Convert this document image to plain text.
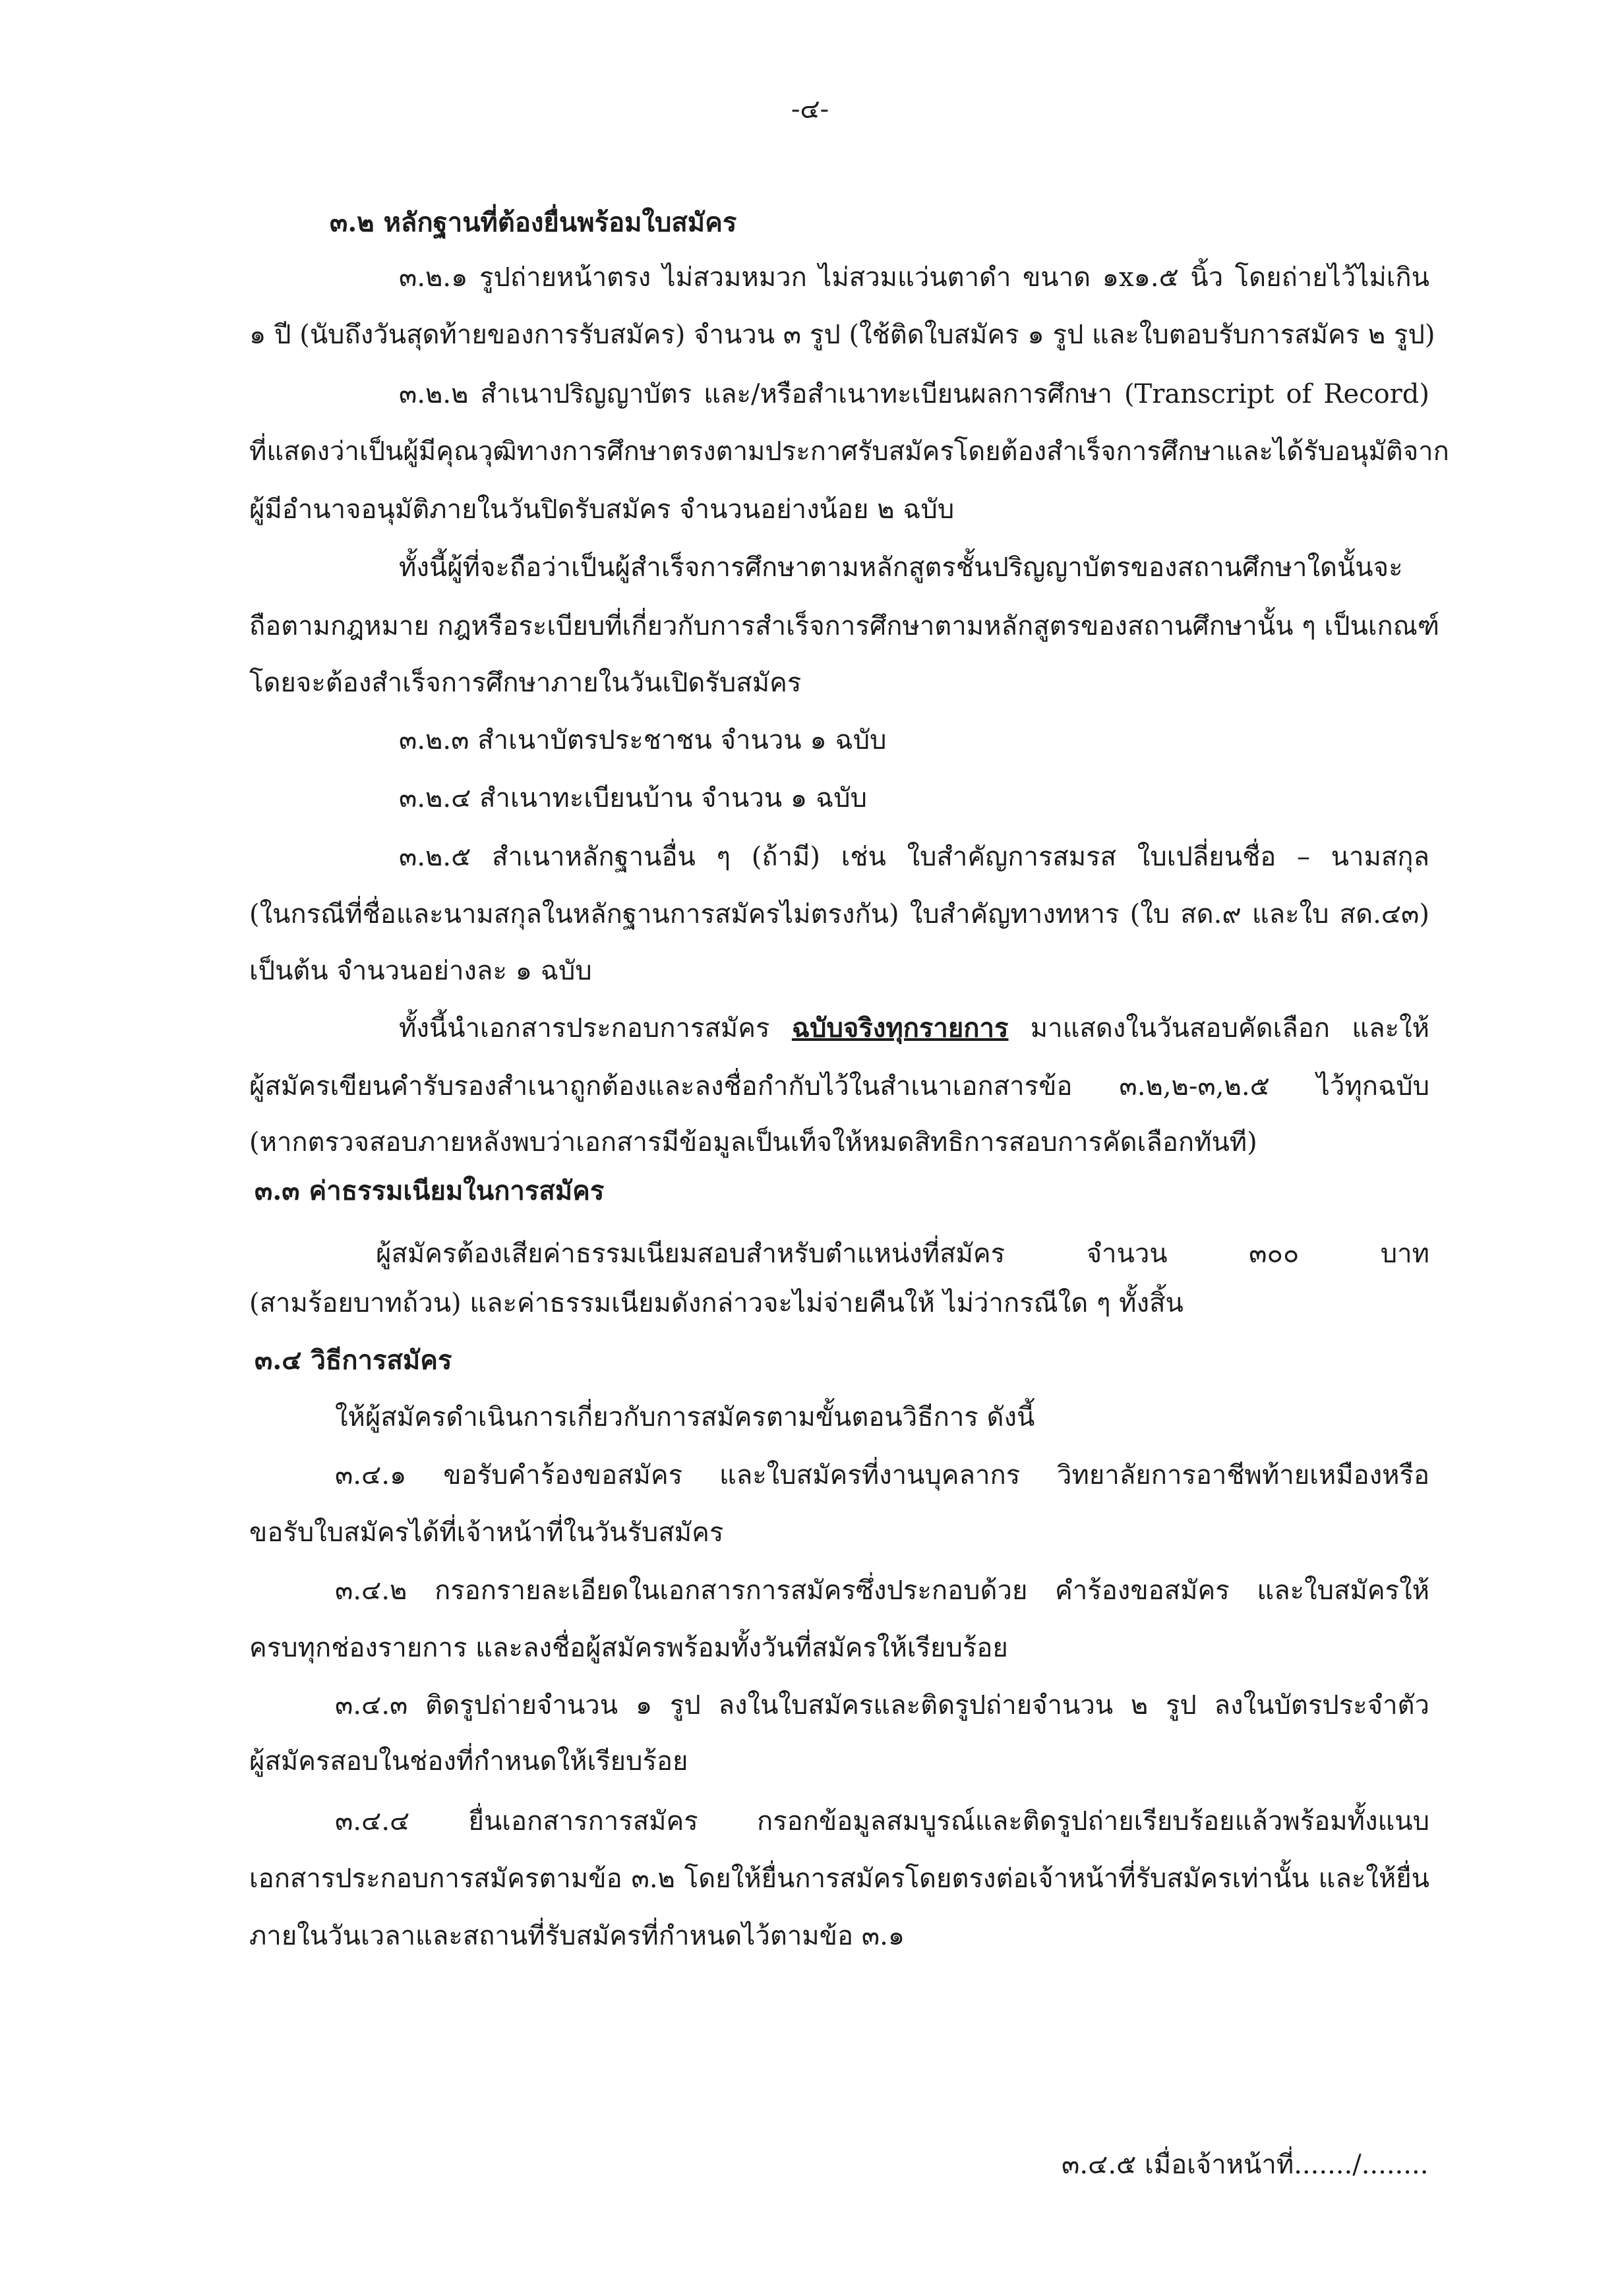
-๔-
๓.๒ หลักฐานที่ต้องยื่นพร้อมใบสมัคร
๓.๒.๑ รูปถ่ายหน้าตรง ไม่สวมหมวก ไม่สวมแว่นตาดำ ขนาด ๑x๑.๕ นิ้ว โดยถ่ายไว้ไม่เกิน
๑ ปี (นับถึงวันสุดท้ายของการรับสมัคร) จำนวน ๓ รูป (ใช้ติดใบสมัคร ๑ รูป และใบตอบรับการสมัคร ๒ รูป)
๓.๒.๒ สำเนาปริญญาบัตร และ/หรือสำเนาทะเบียนผลการศึกษา (Transcript of Record)
ที่แสดงว่าเป็นผู้มีคุณวุฒิทางการศึกษาตรงตามประกาศรับสมัครโดยต้องสำเร็จการศึกษาและได้รับอนุมัติจาก
ผู้มีอำนาจอนุมัติภายในวันปิดรับสมัคร จำนวนอย่างน้อย ๒ ฉบับ
ทั้งนี้ผู้ที่จะถือว่าเป็นผู้สำเร็จการศึกษาตามหลักสูตรชั้นปริญญาบัตรของสถานศึกษาใดนั้นจะ
ถือตามกฎหมาย กฎหรือระเบียบที่เกี่ยวกับการสำเร็จการศึกษาตามหลักสูตรของสถานศึกษานั้น ๆ เป็นเกณฑ์
โดยจะต้องสำเร็จการศึกษาภายในวันเปิดรับสมัคร
๓.๒.๓ สำเนาบัตรประชาชน จำนวน ๑ ฉบับ
๓.๒.๔ สำเนาทะเบียนบ้าน จำนวน ๑ ฉบับ
๓.๒.๕ สำเนาหลักฐานอื่น ๆ (ถ้ามี) เช่น ใบสำคัญการสมรส ใบเปลี่ยนชื่อ – นามสกุล
(ในกรณีที่ชื่อและนามสกุลในหลักฐานการสมัครไม่ตรงกัน) ใบสำคัญทางทหาร (ใบ สด.๙ และใบ สด.๔๓)
เป็นต้น จำนวนอย่างละ ๑ ฉบับ
ทั้งนี้นำเอกสารประกอบการสมัคร ฉบับจริงทุกรายการ มาแสดงในวันสอบคัดเลือก และให้
ผู้สมัครเขียนคำรับรองสำเนาถูกต้องและลงชื่อกำกับไว้ในสำเนาเอกสารข้อ ๓.๒,๒-๓,๒.๕ ไว้ทุกฉบับ
(หากตรวจสอบภายหลังพบว่าเอกสารมีข้อมูลเป็นเท็จให้หมดสิทธิการสอบการคัดเลือกทันที)
๓.๓ ค่าธรรมเนียมในการสมัคร
ผู้สมัครต้องเสียค่าธรรมเนียมสอบสำหรับตำแหน่งที่สมัคร จำนวน ๓๐๐ บาท
(สามร้อยบาทถ้วน) และค่าธรรมเนียมดังกล่าวจะไม่จ่ายคืนให้ ไม่ว่ากรณีใด ๆ ทั้งสิ้น
๓.๔ วิธีการสมัคร
ให้ผู้สมัครดำเนินการเกี่ยวกับการสมัครตามขั้นตอนวิธีการ ดังนี้
๓.๔.๑ ขอรับคำร้องขอสมัคร และใบสมัครที่งานบุคลากร วิทยาลัยการอาชีพท้ายเหมืองหรือ
ขอรับใบสมัครได้ที่เจ้าหน้าที่ในวันรับสมัคร
๓.๔.๒ กรอกรายละเอียดในเอกสารการสมัครซึ่งประกอบด้วย คำร้องขอสมัคร และใบสมัครให้
ครบทุกช่องรายการ และลงชื่อผู้สมัครพร้อมทั้งวันที่สมัครให้เรียบร้อย
๓.๔.๓ ติดรูปถ่ายจำนวน ๑ รูป ลงในใบสมัครและติดรูปถ่ายจำนวน ๒ รูป ลงในบัตรประจำตัว
ผู้สมัครสอบในช่องที่กำหนดให้เรียบร้อย
๓.๔.๔ ยื่นเอกสารการสมัคร กรอกข้อมูลสมบูรณ์และติดรูปถ่ายเรียบร้อยแล้วพร้อมทั้งแนบ
เอกสารประกอบการสมัครตามข้อ ๓.๒ โดยให้ยื่นการสมัครโดยตรงต่อเจ้าหน้าที่รับสมัครเท่านั้น และให้ยื่น
ภายในวันเวลาและสถานที่รับสมัครที่กำหนดไว้ตามข้อ ๓.๑
๓.๔.๕ เมื่อเจ้าหน้าที่......./........
